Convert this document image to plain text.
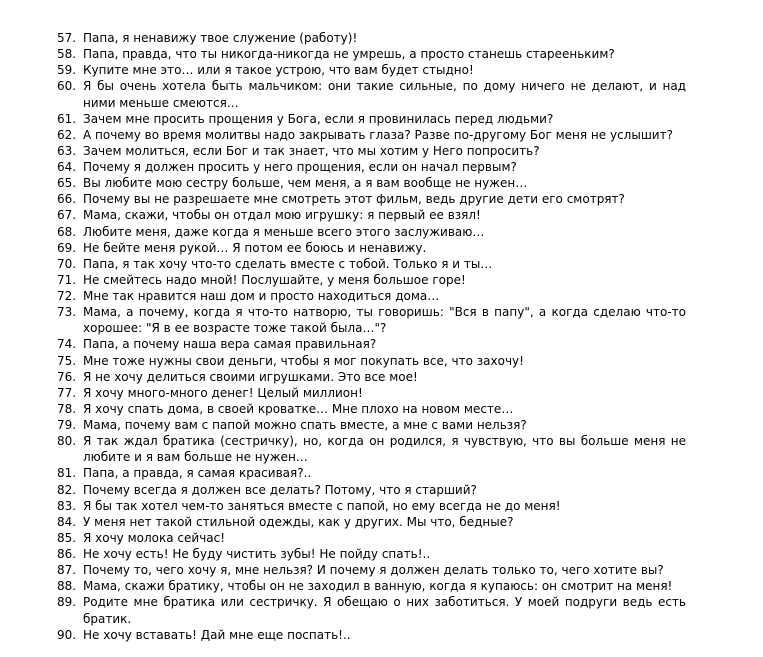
57. Папа, я ненавижу твое служение (работу)!
58. Папа, правда, что ты никогда-никогда не умрешь, а просто станешь старееньким?
59. Купите мне это… или я такое устрою, что вам будет стыдно!
60. Я бы очень хотела быть мальчиком: они такие сильные, по дому ничего не делают, и над ними меньше смеются…
61. Зачем мне просить прощения у Бога, если я провинилась перед людьми?
62. А почему во время молитвы надо закрывать глаза? Разве по-другому Бог меня не услышит?
63. Зачем молиться, если Бог и так знает, что мы хотим у Него попросить?
64. Почему я должен просить у него прощения, если он начал первым?
65. Вы любите мою сестру больше, чем меня, а я вам вообще не нужен…
66. Почему вы не разрешаете мне смотреть этот фильм, ведь другие дети его смотрят?
67. Мама, скажи, чтобы он отдал мою игрушку: я первый ее взял!
68. Любите меня, даже когда я меньше всего этого заслуживаю…
69. Не бейте меня рукой… Я потом ее боюсь и ненавижу.
70. Папа, я так хочу что-то сделать вместе с тобой. Только я и ты…
71. Не смейтесь надо мной! Послушайте, у меня большое горе!
72. Мне так нравится наш дом и просто находиться дома…
73. Мама, а почему, когда я что-то натворю, ты говоришь: "Вся в папу", а когда сделаю что-то хорошее: "Я в ее возрасте тоже такой была…"?
74. Папа, а почему наша вера самая правильная?
75. Мне тоже нужны свои деньги, чтобы я мог покупать все, что захочу!
76. Я не хочу делиться своими игрушками. Это все мое!
77. Я хочу много-много денег! Целый миллион!
78. Я хочу спать дома, в своей кроватке… Мне плохо на новом месте…
79. Мама, почему вам с папой можно спать вместе, а мне с вами нельзя?
80. Я так ждал братика (сестричку), но, когда он родился, я чувствую, что вы больше меня не любите и я вам больше не нужен…
81. Папа, а правда, я самая красивая?..
82. Почему всегда я должен все делать? Потому, что я старший?
83. Я бы так хотел чем-то заняться вместе с папой, но ему всегда не до меня!
84. У меня нет такой стильной одежды, как у других. Мы что, бедные?
85. Я хочу молока сейчас!
86. Не хочу есть! Не буду чистить зубы! Не пойду спать!..
87. Почему то, чего хочу я, мне нельзя? И почему я должен делать только то, чего хотите вы?
88. Мама, скажи братику, чтобы он не заходил в ванную, когда я купаюсь: он смотрит на меня!
89. Родите мне братика или сестричку. Я обещаю о них заботиться. У моей подруги ведь есть братик.
90. Не хочу вставать! Дай мне еще поспать!..
